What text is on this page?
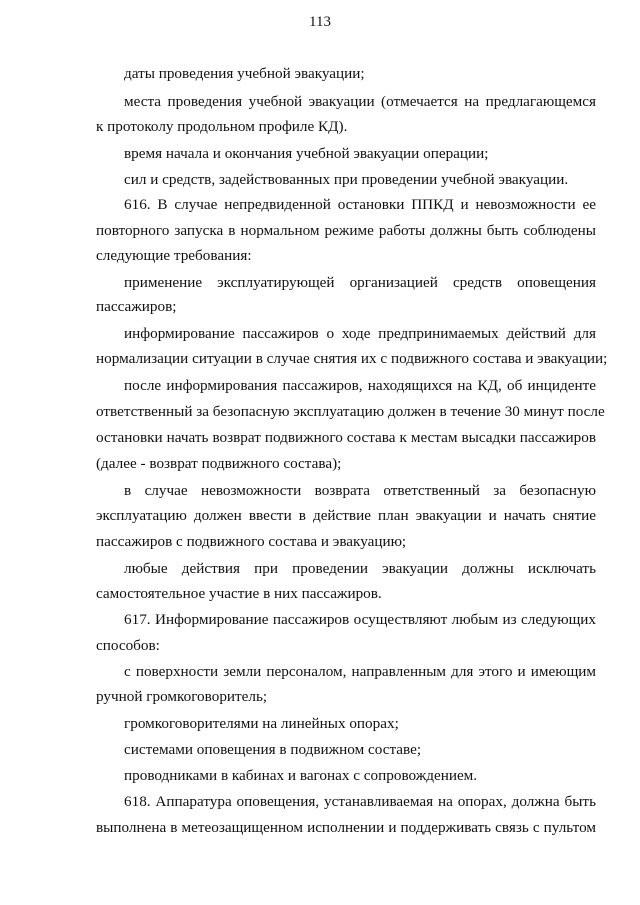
113
даты проведения учебной эвакуации;
места проведения учебной эвакуации (отмечается на предлагающемся
к протоколу продольном профиле КД).
время начала и окончания учебной эвакуации операции;
сил и средств, задействованных при проведении учебной эвакуации.
616. В случае непредвиденной остановки ППКД и невозможности ее
повторного запуска в нормальном режиме работы должны быть соблюдены
следующие требования:
применение эксплуатирующей организацией средств оповещения
пассажиров;
информирование пассажиров о ходе предпринимаемых действий для
нормализации ситуации в случае снятия их с подвижного состава и эвакуации;
после информирования пассажиров, находящихся на КД, об инциденте
ответственный за безопасную эксплуатацию должен в течение 30 минут после
остановки начать возврат подвижного состава к местам высадки пассажиров
(далее - возврат подвижного состава);
в случае невозможности возврата ответственный за безопасную
эксплуатацию должен ввести в действие план эвакуации и начать снятие
пассажиров с подвижного состава и эвакуацию;
любые действия при проведении эвакуации должны исключать
самостоятельное участие в них пассажиров.
617. Информирование пассажиров осуществляют любым из следующих
способов:
с поверхности земли персоналом, направленным для этого и имеющим
ручной громкоговоритель;
громкоговорителями на линейных опорах;
системами оповещения в подвижном составе;
проводниками в кабинах и вагонах с сопровождением.
618. Аппаратура оповещения, устанавливаемая на опорах, должна быть
выполнена в метеозащищенном исполнении и поддерживать связь с пультом
